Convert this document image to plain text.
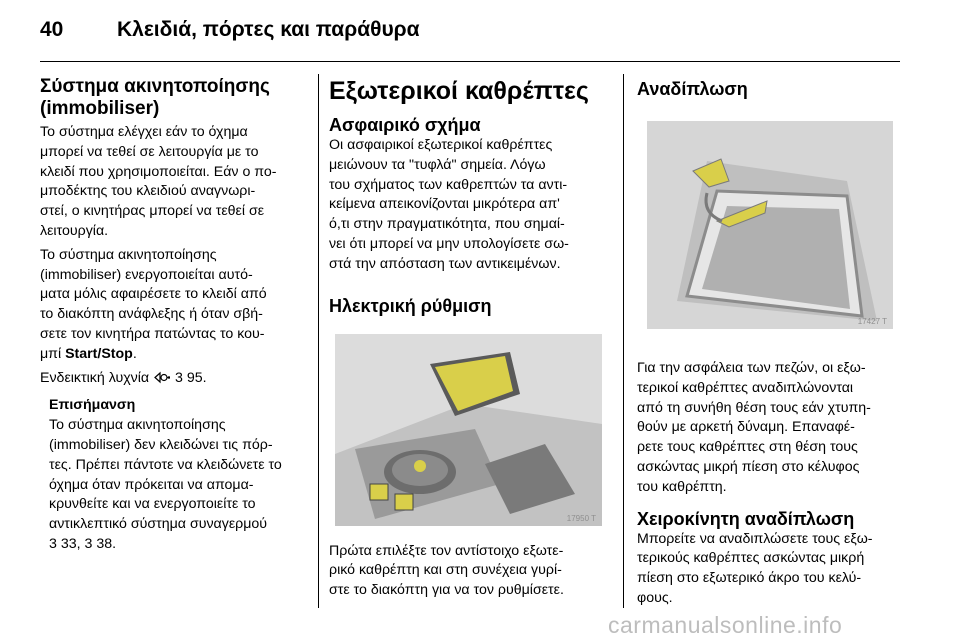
40	Κλειδιά, πόρτες και παράθυρα
Σύστημα ακινητοποίησης
(immobiliser)
Το σύστημα ελέγχει εάν το όχημα
μπορεί να τεθεί σε λειτουργία με το
κλειδί που χρησιμοποιείται. Εάν ο πο-
μποδέκτης του κλειδιού αναγνωρι-
στεί, ο κινητήρας μπορεί να τεθεί σε
λειτουργία.
Το σύστημα ακινητοποίησης
(immobiliser) ενεργοποιείται αυτό-
ματα μόλις αφαιρέσετε το κλειδί από
το διακόπτη ανάφλεξης ή όταν σβή-
σετε τον κινητήρα πατώντας το κου-
μπί Start/Stop.
Ενδεικτική λυχνία  3 95.
Επισήμανση
Το σύστημα ακινητοποίησης
(immobiliser) δεν κλειδώνει τις πόρ-
τες. Πρέπει πάντοτε να κλειδώνετε το
όχημα όταν πρόκειται να απομα-
κρυνθείτε και να ενεργοποιείτε το
αντικλεπτικό σύστημα συναγερμού
3 33, 3 38.
Εξωτερικοί καθρέπτες
Ασφαιρικό σχήμα
Οι ασφαιρικοί εξωτερικοί καθρέπτες
μειώνουν τα "τυφλά" σημεία. Λόγω
του σχήματος των καθρεπτών τα αντι-
κείμενα απεικονίζονται μικρότερα απ'
ό,τι στην πραγματικότητα, που σημαί-
νει ότι μπορεί να μην υπολογίσετε σω-
στά την απόσταση των αντικειμένων.
Ηλεκτρική ρύθμιση
17950 T
Πρώτα επιλέξτε τον αντίστοιχο εξωτε-
ρικό καθρέπτη και στη συνέχεια γυρί-
στε το διακόπτη για να τον ρυθμίσετε.
Αναδίπλωση
17427 T
Για την ασφάλεια των πεζών, οι εξω-
τερικοί καθρέπτες αναδιπλώνονται
από τη συνήθη θέση τους εάν χτυπη-
θούν με αρκετή δύναμη. Επαναφέ-
ρετε τους καθρέπτες στη θέση τους
ασκώντας μικρή πίεση στο κέλυφος
του καθρέπτη.
Χειροκίνητη αναδίπλωση
Μπορείτε να αναδιπλώσετε τους εξω-
τερικούς καθρέπτες ασκώντας μικρή
πίεση στο εξωτερικό άκρο του κελύ-
φους.
carmanualsonline.info
